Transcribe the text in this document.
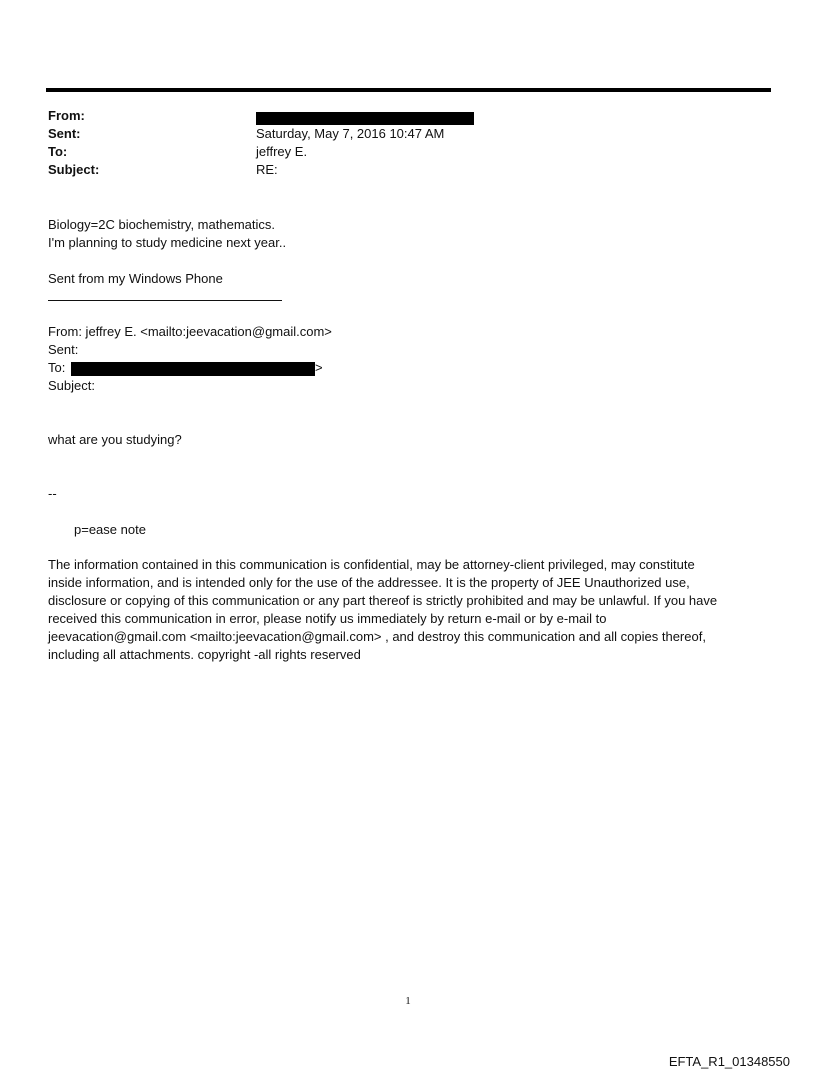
From:
Sent:	Saturday, May 7, 2016 10:47 AM
To:	jeffrey E.
Subject:	RE:
Biology=2C biochemistry, mathematics.
I'm planning to study medicine next year..
Sent from my Windows Phone
From: jeffrey E. <mailto:jeevacation@gmail.com>
Sent:
To:	>
Subject:
what are you studying?
--
p=ease note
The information contained in this communication is confidential, may be attorney-client privileged, may constitute
inside information, and is intended only for the use of the addressee. It is the property of JEE Unauthorized use,
disclosure or copying of this communication or any part thereof is strictly prohibited and may be unlawful. If you have
received this communication in error, please notify us immediately by return e-mail or by e-mail to
jeevacation@gmail.com <mailto:jeevacation@gmail.com> , and destroy this communication and all copies thereof,
including all attachments. copyright -all rights reserved
1
EFTA_R1_01348550
